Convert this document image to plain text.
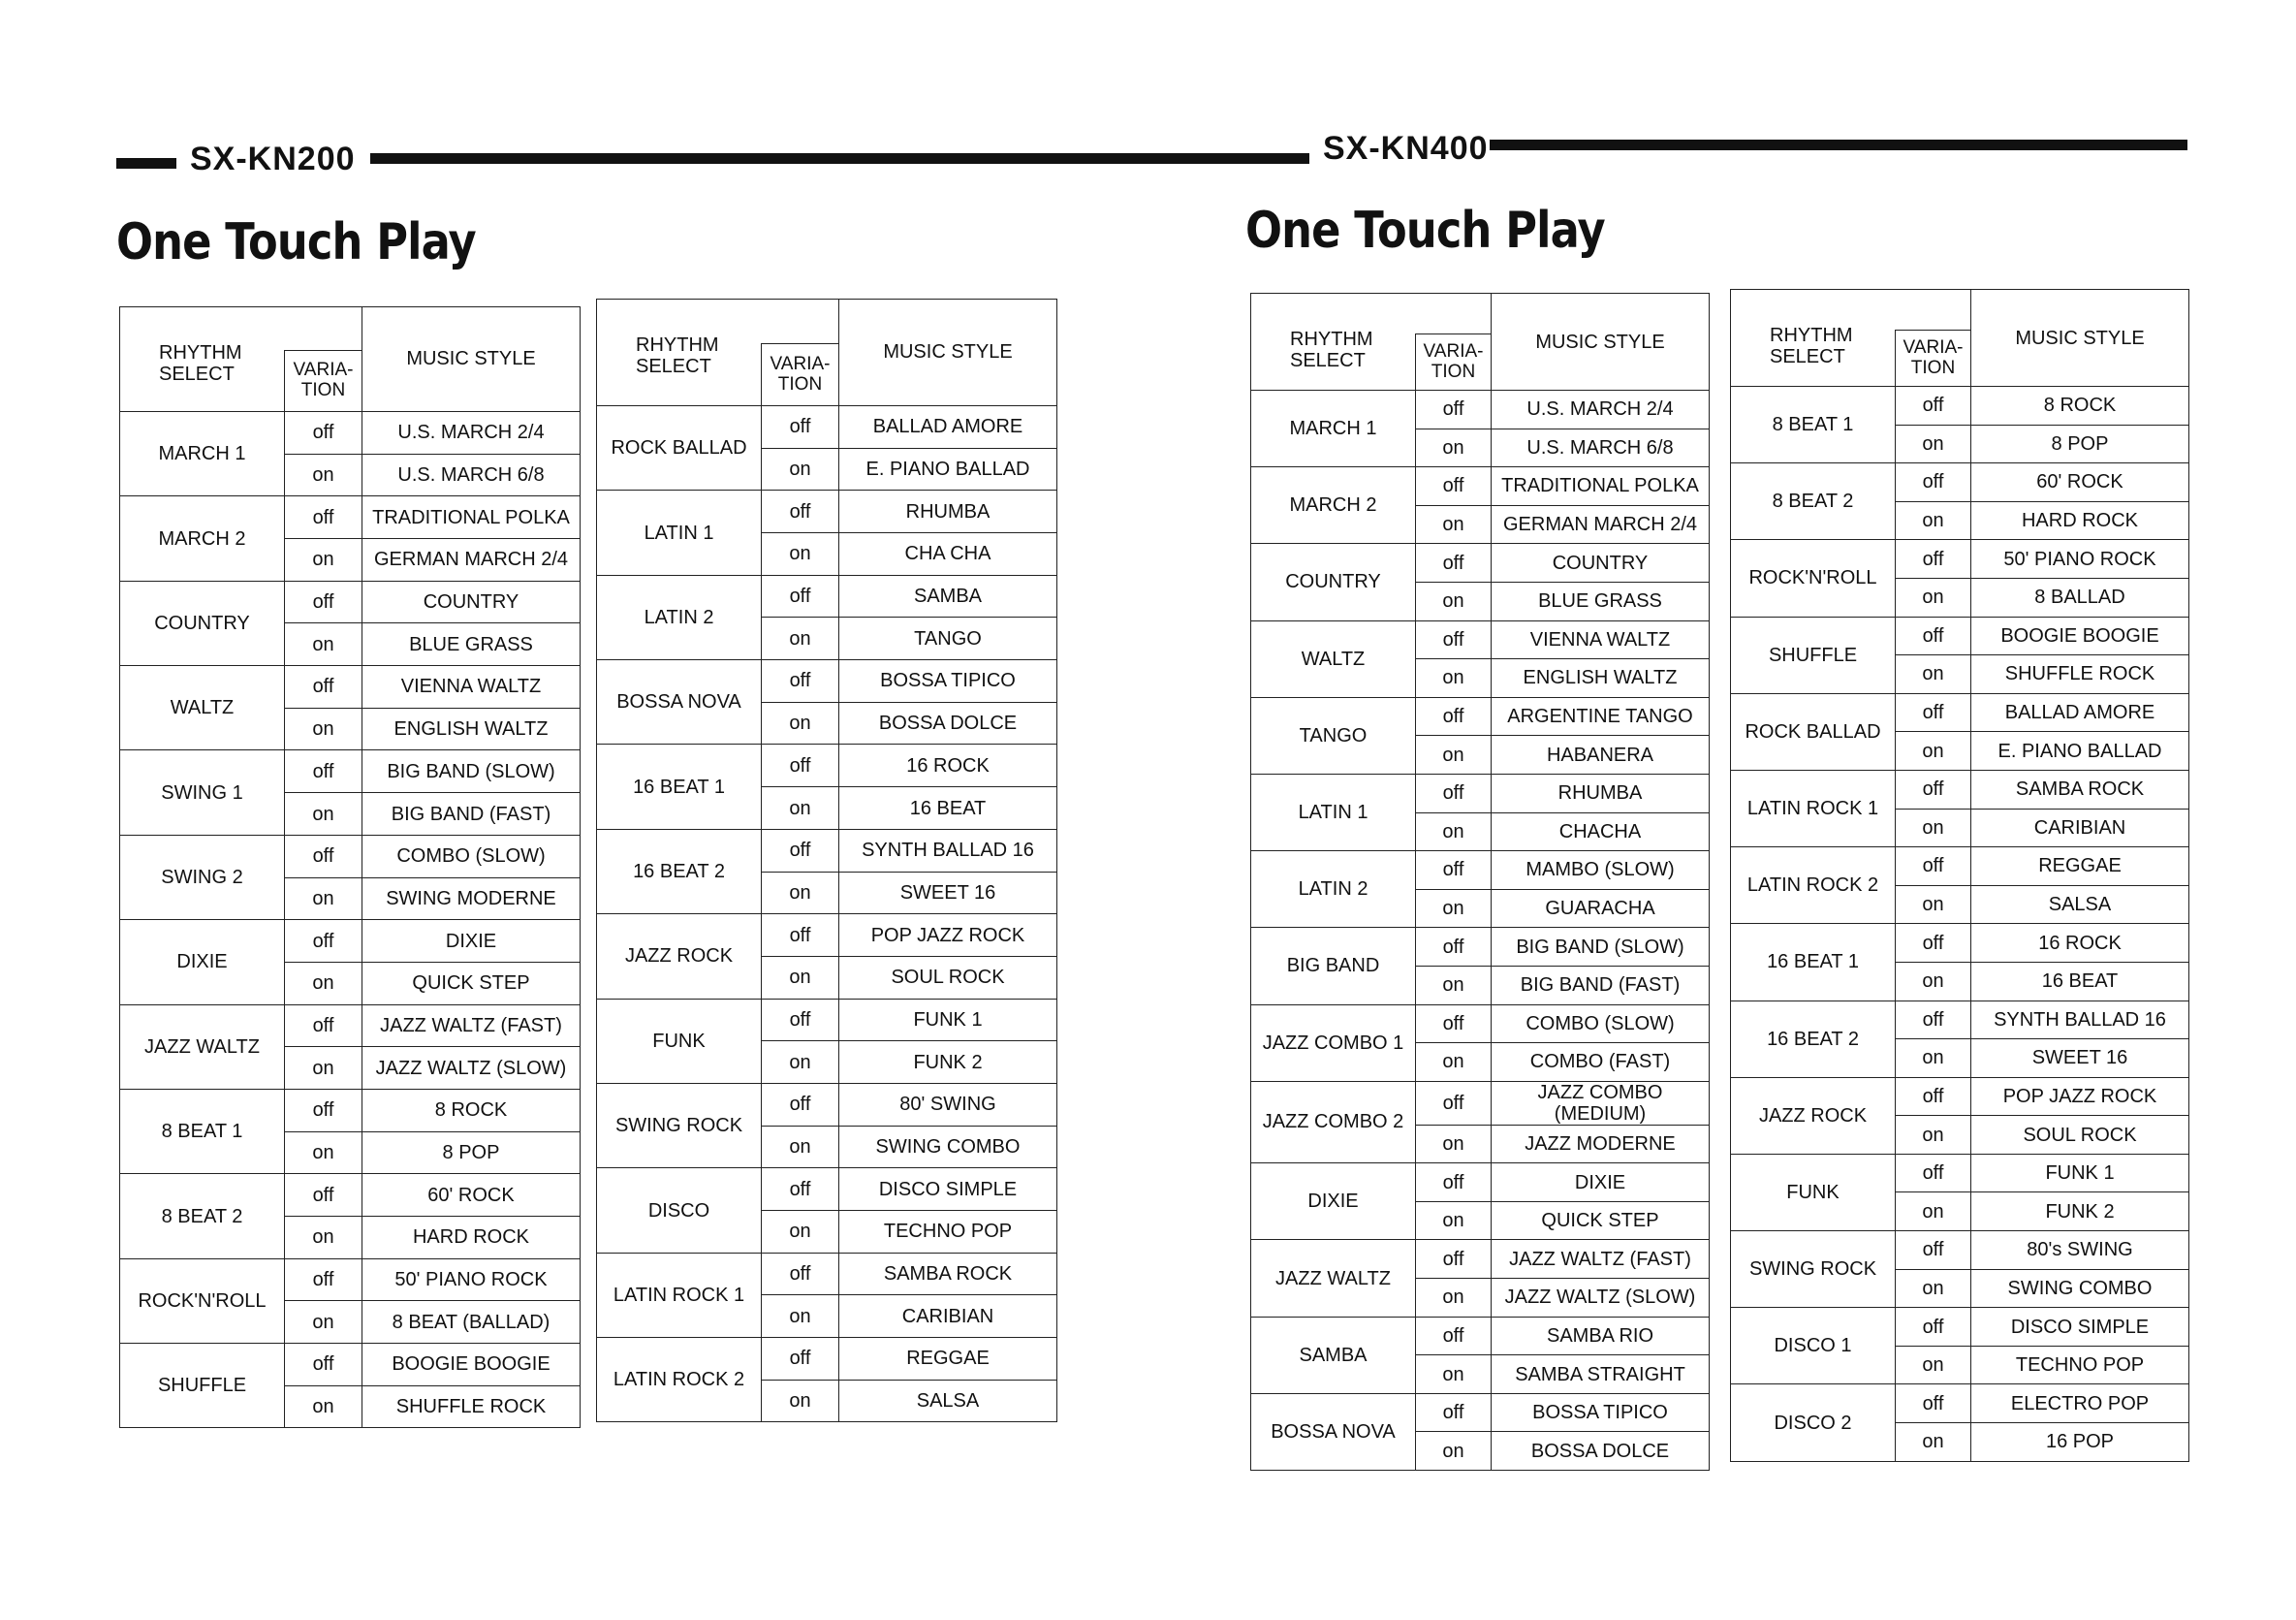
SX-KN200
One Touch Play
RHYTHM SELECT		MUSIC STYLE
	VARIA- TION	
MARCH 1	off	U.S. MARCH 2/4
	on	U.S. MARCH 6/8
MARCH 2	off	TRADITIONAL POLKA
	on	GERMAN MARCH 2/4
COUNTRY	off	COUNTRY
	on	BLUE GRASS
WALTZ	off	VIENNA WALTZ
	on	ENGLISH WALTZ
SWING 1	off	BIG BAND (SLOW)
	on	BIG BAND (FAST)
SWING 2	off	COMBO (SLOW)
	on	SWING MODERNE
DIXIE	off	DIXIE
	on	QUICK STEP
JAZZ WALTZ	off	JAZZ WALTZ (FAST)
	on	JAZZ WALTZ (SLOW)
8 BEAT 1	off	8 ROCK
	on	8 POP
8 BEAT 2	off	60' ROCK
	on	HARD ROCK
ROCK'N'ROLL	off	50' PIANO ROCK
	on	8 BEAT (BALLAD)
SHUFFLE	off	BOOGIE BOOGIE
	on	SHUFFLE ROCK
RHYTHM SELECT		MUSIC STYLE
	VARIA- TION	
ROCK BALLAD	off	BALLAD AMORE
	on	E. PIANO BALLAD
LATIN 1	off	RHUMBA
	on	CHA CHA
LATIN 2	off	SAMBA
	on	TANGO
BOSSA NOVA	off	BOSSA TIPICO
	on	BOSSA DOLCE
16 BEAT 1	off	16 ROCK
	on	16 BEAT
16 BEAT 2	off	SYNTH BALLAD 16
	on	SWEET 16
JAZZ ROCK	off	POP JAZZ ROCK
	on	SOUL ROCK
FUNK	off	FUNK 1
	on	FUNK 2
SWING ROCK	off	80' SWING
	on	SWING COMBO
DISCO	off	DISCO SIMPLE
	on	TECHNO POP
LATIN ROCK 1	off	SAMBA ROCK
	on	CARIBIAN
LATIN ROCK 2	off	REGGAE
	on	SALSA
SX-KN400
One Touch Play
RHYTHM SELECT		MUSIC STYLE
	VARIA- TION	
MARCH 1	off	U.S. MARCH 2/4
	on	U.S. MARCH 6/8
MARCH 2	off	TRADITIONAL POLKA
	on	GERMAN MARCH 2/4
COUNTRY	off	COUNTRY
	on	BLUE GRASS
WALTZ	off	VIENNA WALTZ
	on	ENGLISH WALTZ
TANGO	off	ARGENTINE TANGO
	on	HABANERA
LATIN 1	off	RHUMBA
	on	CHACHA
LATIN 2	off	MAMBO (SLOW)
	on	GUARACHA
BIG BAND	off	BIG BAND (SLOW)
	on	BIG BAND (FAST)
JAZZ COMBO 1	off	COMBO (SLOW)
	on	COMBO (FAST)
JAZZ COMBO 2	off	JAZZ COMBO (MEDIUM)
	on	JAZZ MODERNE
DIXIE	off	DIXIE
	on	QUICK STEP
JAZZ WALTZ	off	JAZZ WALTZ (FAST)
	on	JAZZ WALTZ (SLOW)
SAMBA	off	SAMBA RIO
	on	SAMBA STRAIGHT
BOSSA NOVA	off	BOSSA TIPICO
	on	BOSSA DOLCE
RHYTHM SELECT		MUSIC STYLE
	VARIA- TION	
8 BEAT 1	off	8 ROCK
	on	8 POP
8 BEAT 2	off	60' ROCK
	on	HARD ROCK
ROCK'N'ROLL	off	50' PIANO ROCK
	on	8 BALLAD
SHUFFLE	off	BOOGIE BOOGIE
	on	SHUFFLE ROCK
ROCK BALLAD	off	BALLAD AMORE
	on	E. PIANO BALLAD
LATIN ROCK 1	off	SAMBA ROCK
	on	CARIBIAN
LATIN ROCK 2	off	REGGAE
	on	SALSA
16 BEAT 1	off	16 ROCK
	on	16 BEAT
16 BEAT 2	off	SYNTH BALLAD 16
	on	SWEET 16
JAZZ ROCK	off	POP JAZZ ROCK
	on	SOUL ROCK
FUNK	off	FUNK 1
	on	FUNK 2
SWING ROCK	off	80's SWING
	on	SWING COMBO
DISCO 1	off	DISCO SIMPLE
	on	TECHNO POP
DISCO 2	off	ELECTRO POP
	on	16 POP
